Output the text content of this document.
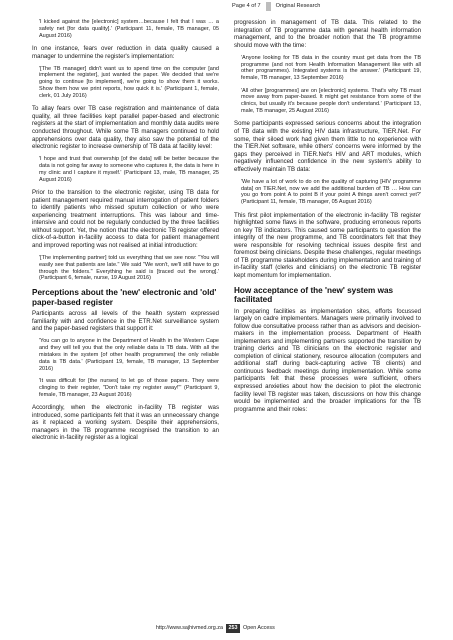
Page 4 of 7	Original Research

'I kicked against the [electronic] system…because I felt that I was … a safety net [for data quality].' (Participant 11, female, TB manager, 05 August 2016)

In one instance, fears over reduction in data quality caused a manager to undermine the register's implementation:

'[The TB manager] didn't want us to spend time on the computer [and implement the register], just wanted the paper. We decided that we're going to continue [to implement], we're going to show them it works. Show them how we print reports, how quick it is.' (Participant 1, female, clerk, 01 July 2016)

To allay fears over TB case registration and maintenance of data quality, all three facilities kept parallel paper-based and electronic registers at the start of implementation and monthly data audits were conducted throughout. While some TB managers continued to hold apprehensions over data quality, they also saw the potential of the electronic register to increase ownership of TB data at facility level:

'I hope and trust that ownership [of the data] will be better because the data is not going far away to someone who captures it, the data is here in my clinic and I capture it myself.' (Participant 13, male, TB manager, 25 August 2016)

Prior to the transition to the electronic register, using TB data for patient management required manual interrogation of patient folders to identify patients who missed sputum collection or who were experiencing treatment interruptions. This was labour and time-intensive and could not be regularly conducted by the three facilities without support. Yet, the notion that the electronic TB register offered click-of-a-button in-facility access to data for patient management and improved reporting was not realised at initial introduction:

'[The implementing partner] told us everything that we see now: "You will easily see that patients are late." We said "We won't, we'll still have to go through the folders." Everything he said is [traced out the wrong].' (Participant 6, female, nurse, 19 August 2016)

Perceptions about the 'new' electronic and 'old' paper-based register

Participants across all levels of the health system expressed familiarity with and confidence in the ETR.Net surveillance system and the paper-based registers that support it:

'You can go to anyone in the Department of Health in the Western Cape and they will tell you that the only reliable data is TB data. With all the mistakes in the system [of other health programmes] the only reliable data is TB data.' (Participant 19, female, TB manager, 13 September 2016)

'It was difficult for [the nurses] to let go of those papers. They were clinging to their register, "Don't take my register away!"' (Participant 9, female, TB manager, 23 August 2016)

Accordingly, when the electronic in-facility TB register was introduced, some participants felt that it was an unnecessary change as it replaced a working system. Despite their apprehensions, managers in the TB programme recognised the transition to an electronic in-facility register as a logical

progression in management of TB data. This related to the integration of TB programme data with general health information management, and to the broader notion that the TB programme should move with the time:

'Anyone looking for TB data in the country must get data from the TB programme (and not from Health Information Management like with all other programmes). Integrated systems is the answer.' (Participant 19, female, TB manager, 13 September 2016)

'All other [programmes] are on [electronic] systems. That's why TB must move away from paper-based. It might get resistance from some of the clinics, but usually it's because people don't understand.' (Participant 13, male, TB manager, 25 August 2016)

Some participants expressed serious concerns about the integration of TB data with the existing HIV data infrastructure, TIER.Net. For some, their siloed work had given them little to no experience with the TIER.Net software, while others' concerns were informed by the gaps they perceived in TIER.Net's HIV and ART modules, which negatively influenced confidence in the new system's ability to effectively maintain TB data:

'We have a lot of work to do on the quality of capturing [HIV programme data] on TIER.Net, now we add the additional burden of TB … How can you go from point A to point B if your point A things aren't correct yet?' (Participant 11, female, TB manager, 05 August 2016)

This first pilot implementation of the electronic in-facility TB register highlighted some flaws in the software, producing erroneous reports on key TB indicators. This caused some participants to question the integrity of the new programme, and TB coordinators felt that they were responsible for resolving technical issues despite first and foremost being clinicians. Despite these challenges, regular meetings of TB programme stakeholders during implementation and training of in-facility staff (clerks and clinicians) on the electronic TB register kept momentum for implementation.

How acceptance of the 'new' system was facilitated

In preparing facilities as implementation sites, efforts focussed largely on cadre implementers. Managers were primarily involved to follow due consultative process rather than as advisors and decision-makers in the implementation process. Department of Health implementers and implementing partners supported the transition by training clerks and TB clinicians on the electronic register and completion of clinical stationery, resource allocation (computers and additional staff during back-capturing active TB clients) and continuous feedback meetings during implementation. While some participants felt that these processes were sufficient, others expressed anxieties about how the decision to pilot the electronic facility level TB register was taken, discussions on how this change would be implemented and the broader implications for the TB programme and their roles:

http://www.sajhivmed.org.za	253	Open Access
